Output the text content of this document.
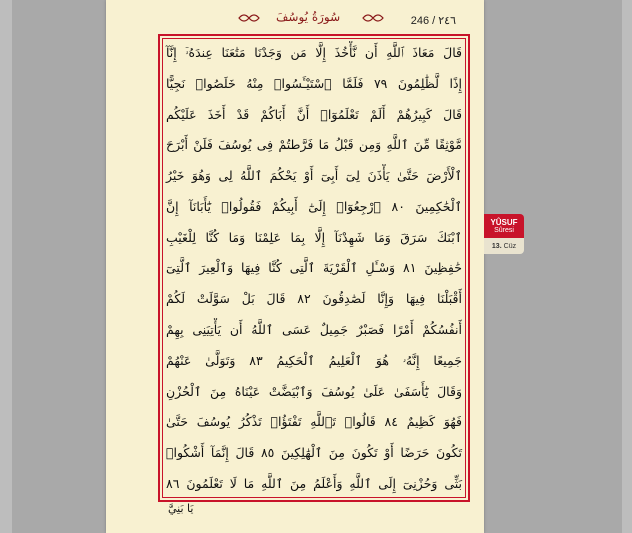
سُورَةُ يُوسُفَ	246 / ٢٤٦
قَالَ مَعَاذَ ٱللَّهِ أَن نَّأْخُذَ إِلَّا مَن وَجَدْنَا مَتَٰعَنَا عِندَهُۥٓ إِنَّآ
إِذًا لَّظَٰلِمُونَ ٧٩ فَلَمَّا ٱسْتَيْـَٔسُوا۟ مِنْهُ خَلَصُوا۟ نَجِيًّا
قَالَ كَبِيرُهُمْ أَلَمْ تَعْلَمُوٓا۟ أَنَّ أَبَاكُمْ قَدْ أَخَذَ عَلَيْكُم
مَّوْثِقًا مِّنَ ٱللَّهِ وَمِن قَبْلُ مَا فَرَّطتُمْ فِى يُوسُفَ فَلَنْ أَبْرَحَ
ٱلْأَرْضَ حَتَّىٰ يَأْذَنَ لِىٓ أَبِىٓ أَوْ يَحْكُمَ ٱللَّهُ لِى وَهُوَ خَيْرُ
ٱلْحَٰكِمِينَ ٨٠ ٱرْجِعُوٓا۟ إِلَىٰٓ أَبِيكُمْ فَقُولُوا۟ يَٰٓأَبَانَآ إِنَّ
ٱبْنَكَ سَرَقَ وَمَا شَهِدْنَآ إِلَّا بِمَا عَلِمْنَا وَمَا كُنَّا لِلْغَيْبِ
حَٰفِظِينَ ٨١ وَسْـَٔلِ ٱلْقَرْيَةَ ٱلَّتِى كُنَّا فِيهَا وَٱلْعِيرَ ٱلَّتِىٓ
أَقْبَلْنَا فِيهَا وَإِنَّا لَصَٰدِقُونَ ٨٢ قَالَ بَلْ سَوَّلَتْ لَكُمْ
أَنفُسُكُمْ أَمْرًا فَصَبْرٌ جَمِيلٌ عَسَى ٱللَّهُ أَن يَأْتِيَنِى بِهِمْ
جَمِيعًا إِنَّهُۥ هُوَ ٱلْعَلِيمُ ٱلْحَكِيمُ ٨٣ وَتَوَلَّىٰ عَنْهُمْ
وَقَالَ يَٰٓأَسَفَىٰ عَلَىٰ يُوسُفَ وَٱبْيَضَّتْ عَيْنَاهُ مِنَ ٱلْحُزْنِ
فَهُوَ كَظِيمٌ ٨٤ قَالُوا۟ تَٱللَّهِ تَفْتَؤُا۟ تَذْكُرُ يُوسُفَ حَتَّىٰ
تَكُونَ حَرَضًا أَوْ تَكُونَ مِنَ ٱلْهَٰلِكِينَ ٨٥ قَالَ إِنَّمَآ أَشْكُوا۟
بَثِّى وَحُزْنِىٓ إِلَى ٱللَّهِ وَأَعْلَمُ مِنَ ٱللَّهِ مَا لَا تَعْلَمُونَ ٨٦
يَا بَنِيَّ
YÛSUF
Sûresi
13. Cüz
